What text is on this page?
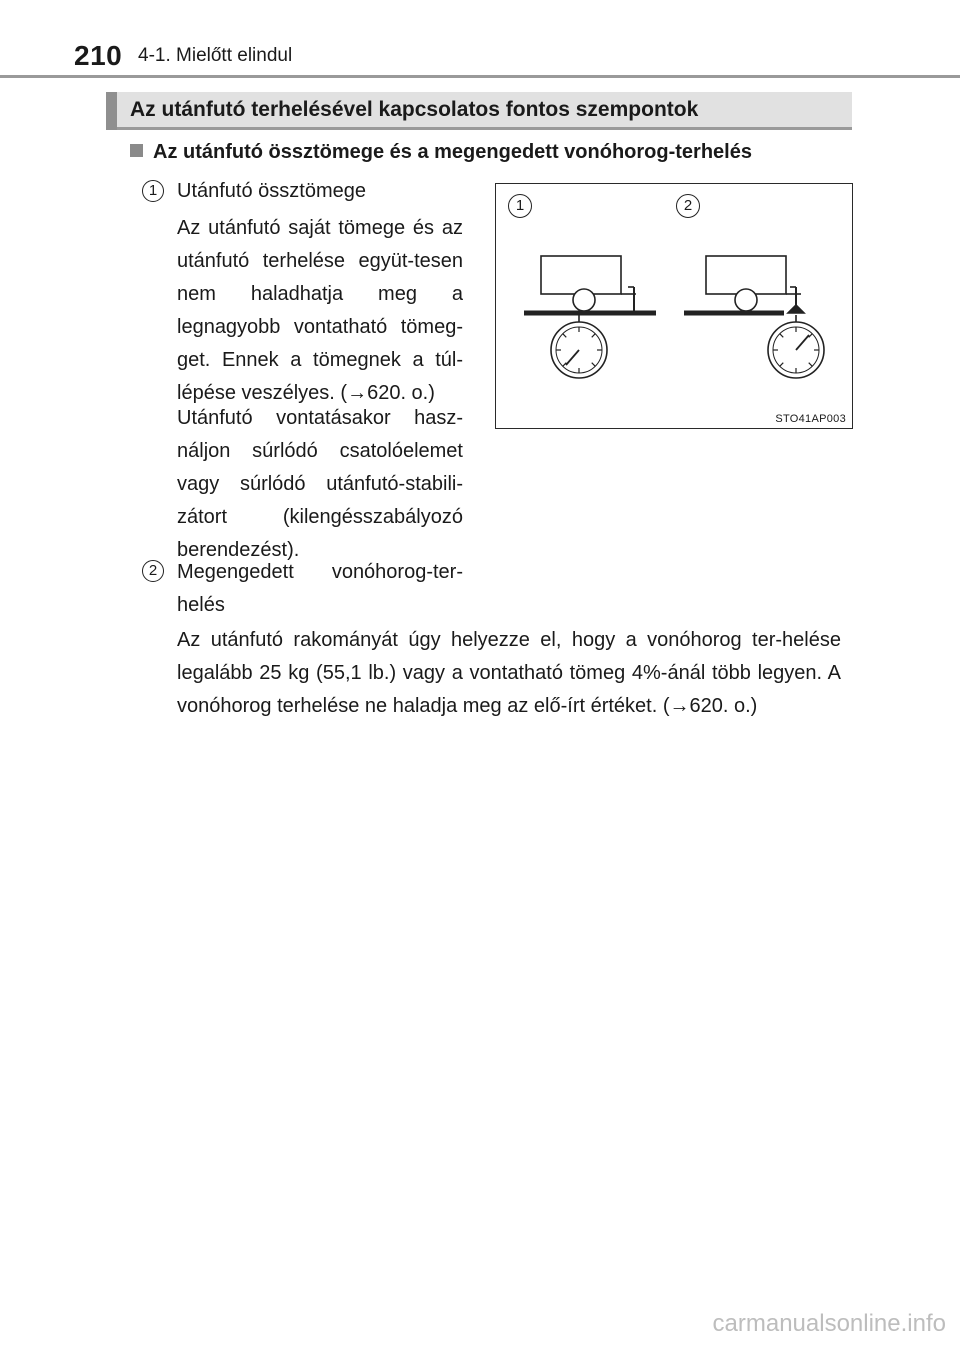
210 4-1. Mielőtt elindul
Az utánfutó terhelésével kapcsolatos fontos szempontok
Az utánfutó össztömege és a megengedett vonóhorog-terhelés
1 Utánfutó össztömege

Az utánfutó saját tömege és az utánfutó terhelése együt-tesen nem haladhatja meg a legnagyobb vontatható tömeg-get. Ennek a tömegnek a túl-lépése veszélyes. (→620. o.)

Utánfutó vontatásakor hasz-náljon súrlódó csatolóelemet vagy súrlódó utánfutó-stabili-zátort (kilengésszabályozó berendezést).

2 Megengedett vonóhorog-ter-helés

Az utánfutó rakományát úgy helyezze el, hogy a vonóhorog ter-helése legalább 25 kg (55,1 lb.) vagy a vontatható tömeg 4%-ánál több legyen. A vonóhorog terhelése ne haladja meg az elő-írt értéket. (→620. o.)

1	2
STO41AP003
carmanualsonline.info
